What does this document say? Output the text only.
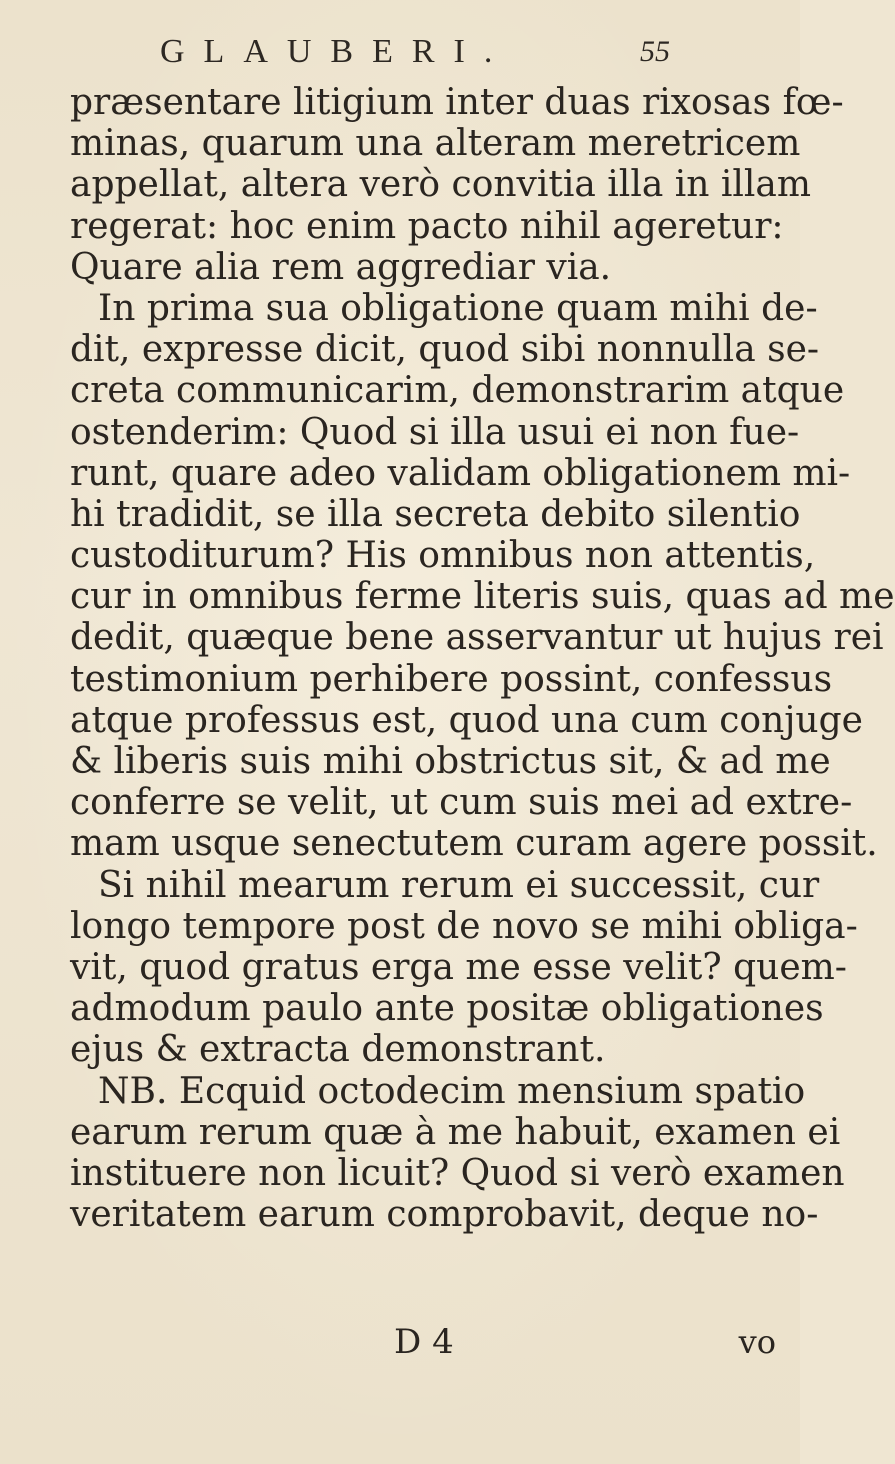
GLAUBERI.	55
præsentare litigium inter duas rixosas fœ-
minas, quarum una alteram meretricem
appellat, altera verò convitia illa in illam
regerat: hoc enim pacto nihil ageretur:
Quare alia rem aggrediar via.
In prima sua obligatione quam mihi de-
dit, expresse dicit, quod sibi nonnulla se-
creta communicarim, demonstrarim atque
ostenderim: Quod si illa usui ei non fue-
runt, quare adeo validam obligationem mi-
hi tradidit, se illa secreta debito silentio
custoditurum? His omnibus non attentis,
cur in omnibus ferme literis suis, quas ad me
dedit, quæque bene asservantur ut hujus rei
testimonium perhibere possint, confessus
atque professus est, quod una cum conjuge
& liberis suis mihi obstrictus sit, & ad me
conferre se velit, ut cum suis mei ad extre-
mam usque senectutem curam agere possit.
Si nihil mearum rerum ei successit, cur
longo tempore post de novo se mihi obliga-
vit, quod gratus erga me esse velit? quem-
admodum paulo ante positæ obligationes
ejus & extracta demonstrant.
NB. Ecquid octodecim mensium spatio
earum rerum quæ à me habuit, examen ei
instituere non licuit? Quod si verò examen
veritatem earum comprobavit, deque no-
D 4	vo
